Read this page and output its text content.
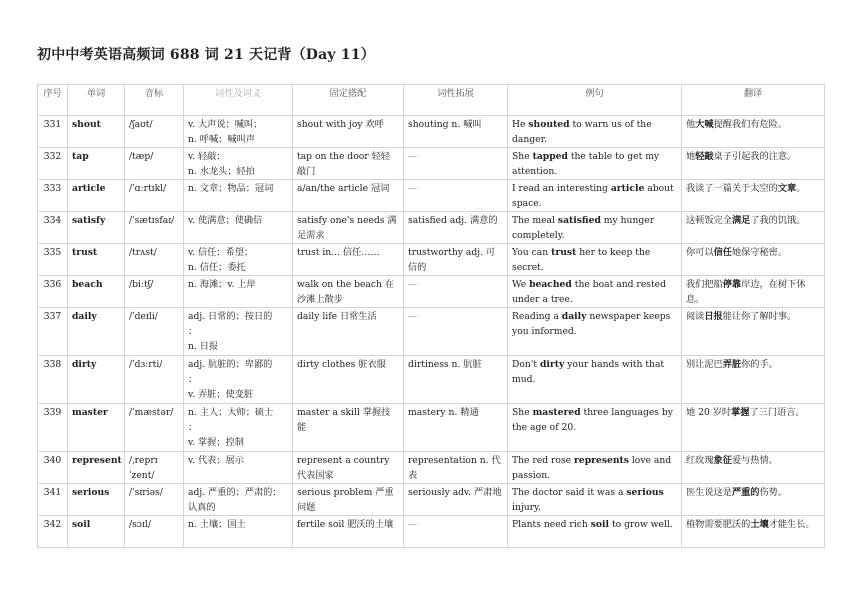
初中中考英语高频词 688 词 21 天记背（Day 11）
序号	单词	音标	词性及词义	固定搭配	词性拓展	例句	翻译
331	shout	/ʃaʊt/	v. 大声说；喊叫；
n. 呼喊；喊叫声	shout with joy 欢呼	shouting n. 喊叫	He shouted to warn us of the danger.	他大喊提醒我们有危险。
332	tap	/tæp/	v. 轻敲；
n. 水龙头；轻拍	tap on the door 轻轻敲门	—	She tapped the table to get my attention.	她轻敲桌子引起我的注意。
333	article	/ˈɑːrtɪkl/	n. 文章；物品；冠词	a/an/the article 冠词	—	I read an interesting article about space.	我读了一篇关于太空的文章。
334	satisfy	/ˈsætɪsfaɪ/	v. 使满意；使确信	satisfy one's needs 满足需求	satisfied adj. 满意的	The meal satisfied my hunger completely.	这顿饭完全满足了我的饥饿。
335	trust	/trʌst/	v. 信任；希望；
n. 信任；委托	trust in... 信任……	trustworthy adj. 可信的	You can trust her to keep the secret.	你可以信任她保守秘密。
336	beach	/biːtʃ/	n. 海滩；v. 上岸	walk on the beach 在沙滩上散步	—	We beached the boat and rested under a tree.	我们把船停靠岸边，在树下休息。
337	daily	/ˈdeɪli/	adj. 日常的；按日的
；
n. 日报	daily life 日常生活	—	Reading a daily newspaper keeps you informed.	阅读日报能让你了解时事。
338	dirty	/ˈdɜːrti/	adj. 肮脏的；卑鄙的
；
v. 弄脏；使变脏	dirty clothes 脏衣服	dirtiness n. 肮脏	Don't dirty your hands with that mud.	别让泥巴弄脏你的手。
339	master	/ˈmæstər/	n. 主人；大师；硕士
；
v. 掌握；控制	master a skill 掌握技能	mastery n. 精通	She mastered three languages by the age of 20.	她 20 岁时掌握了三门语言。
340	represent	/ˌreprɪˈzent/	v. 代表；展示	represent a country 代表国家	representation n. 代表	The red rose represents love and passion.	红玫瑰象征爱与热情。
341	serious	/ˈsɪriəs/	adj. 严重的；严肃的；认真的	serious problem 严重问题	seriously adv. 严肃地	The doctor said it was a serious injury.	医生说这是严重的伤势。
342	soil	/sɔɪl/	n. 土壤；国土	fertile soil 肥沃的土壤	—	Plants need rich soil to grow well.	植物需要肥沃的土壤才能生长。
